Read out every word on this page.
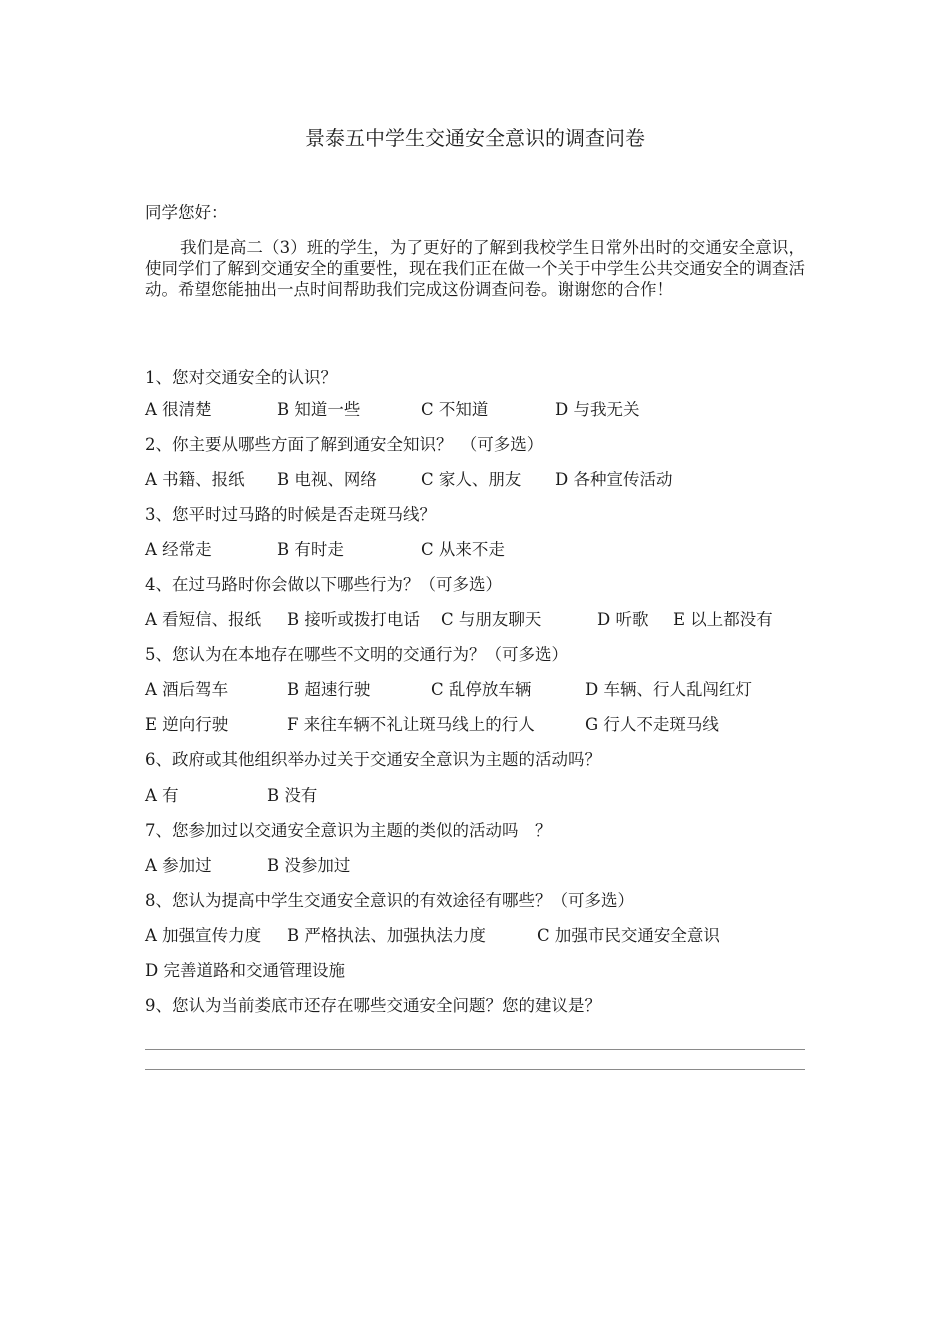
景泰五中学生交通安全意识的调查问卷
同学您好：
我们是高二（3）班的学生，为了更好的了解到我校学生日常外出时的交通安全意识，使同学们了解到交通安全的重要性，现在我们正在做一个关于中学生公共交通安全的调查活动。希望您能抽出一点时间帮助我们完成这份调查问卷。谢谢您的合作！
1、您对交通安全的认识？
A 很清楚	B 知道一些	C 不知道	D 与我无关
2、你主要从哪些方面了解到通安全知识？　（可多选）
A 书籍、报纸 B 电视、网络	C 家人、朋友 D 各种宣传活动
3、您平时过马路的时候是否走斑马线？
A 经常走	B 有时走	C 从来不走
4、在过马路时你会做以下哪些行为？（可多选）
A 看短信、报纸 B 接听或拨打电话 C 与朋友聊天	D 听歌 E 以上都没有
5、您认为在本地存在哪些不文明的交通行为？（可多选）
A 酒后驾车	B 超速行驶	C 乱停放车辆	D 车辆、行人乱闯红灯
E 逆向行驶	F 来往车辆不礼让斑马线上的行人	G 行人不走斑马线
6、政府或其他组织举办过关于交通安全意识为主题的活动吗？
A 有	B 没有
7、您参加过以交通安全意识为主题的类似的活动吗　？
A 参加过	B 没参加过
8、您认为提高中学生交通安全意识的有效途径有哪些？（可多选）
A 加强宣传力度 B 严格执法、加强执法力度	C 加强市民交通安全意识
D 完善道路和交通管理设施
9、您认为当前娄底市还存在哪些交通安全问题？您的建议是？
